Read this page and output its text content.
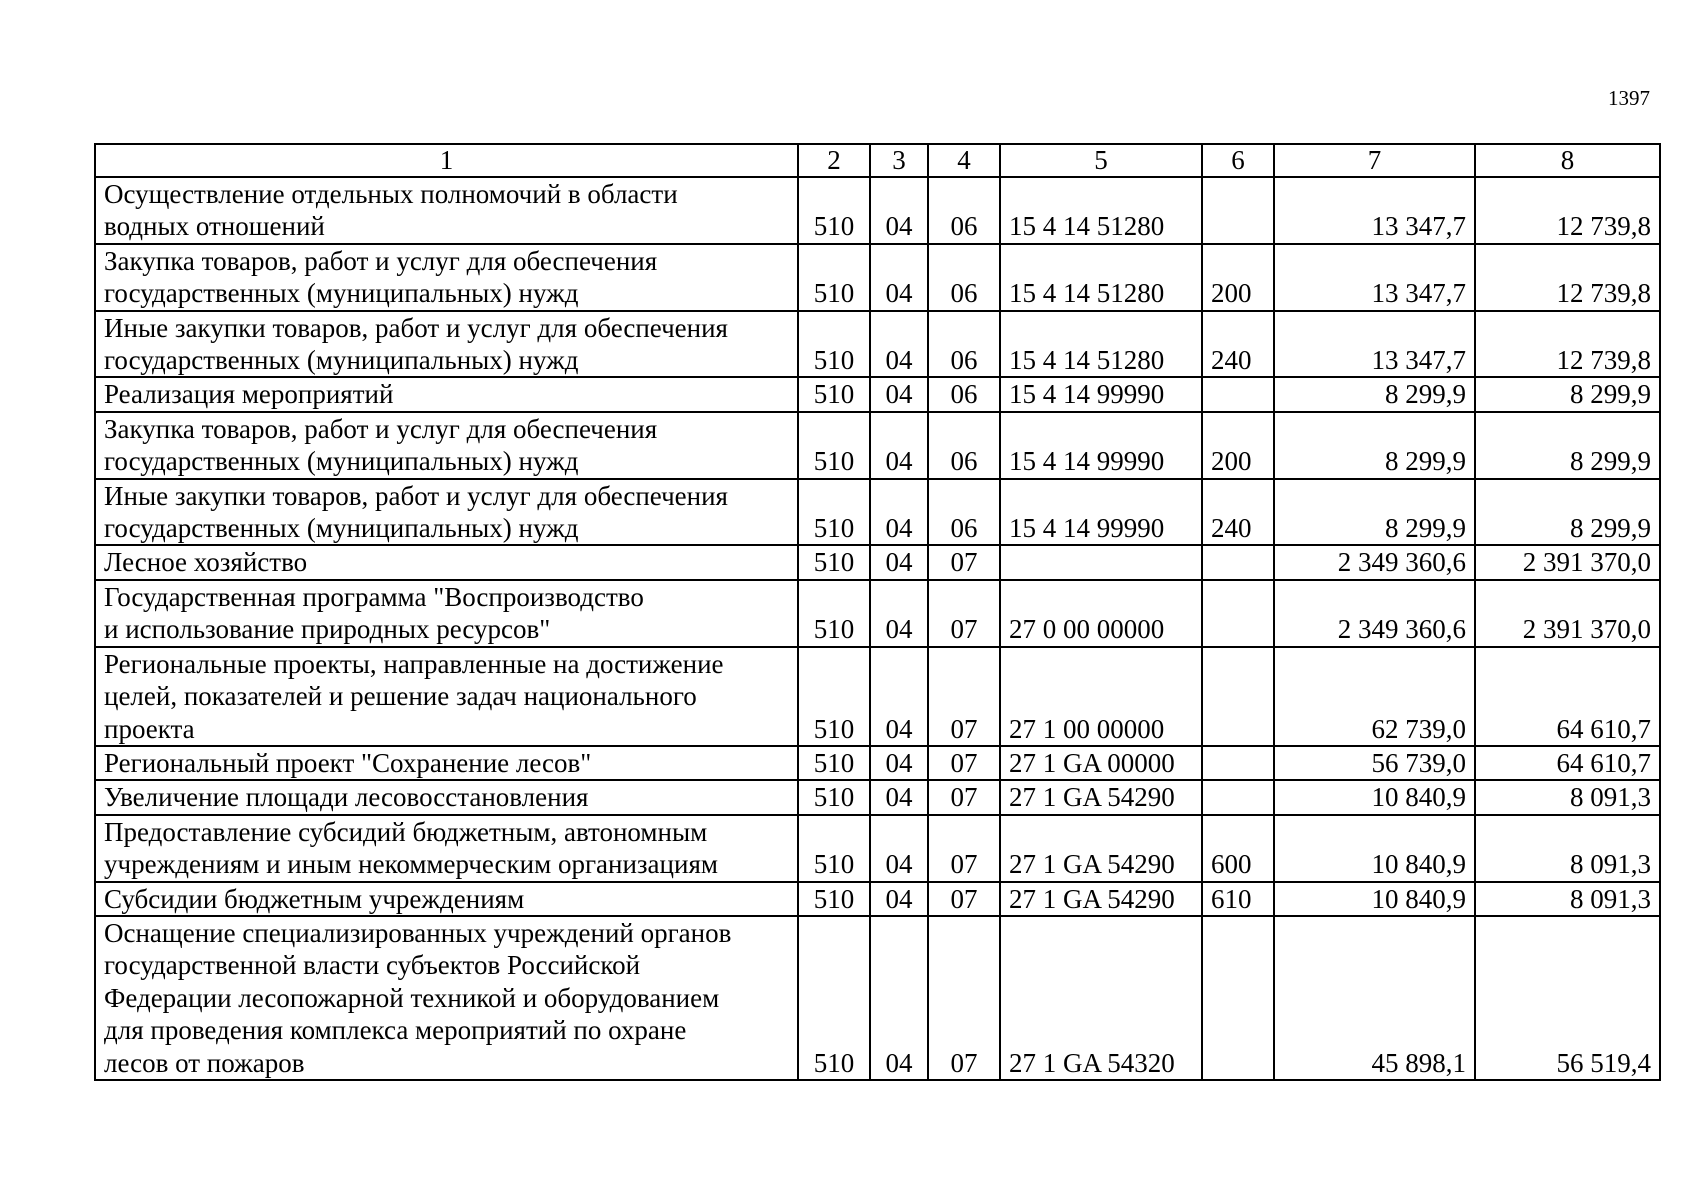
1397
1	2	3	4	5	6	7	8

Осуществление отдельных полномочий в области
водных отношений	510	04	06	15 4 14 51280		13 347,7	12 739,8

Закупка товаров, работ и услуг для обеспечения
государственных (муниципальных) нужд	510	04	06	15 4 14 51280	200	13 347,7	12 739,8

Иные закупки товаров, работ и услуг для обеспечения
государственных (муниципальных) нужд	510	04	06	15 4 14 51280	240	13 347,7	12 739,8

Реализация мероприятий	510	04	06	15 4 14 99990		8 299,9	8 299,9

Закупка товаров, работ и услуг для обеспечения
государственных (муниципальных) нужд	510	04	06	15 4 14 99990	200	8 299,9	8 299,9

Иные закупки товаров, работ и услуг для обеспечения
государственных (муниципальных) нужд	510	04	06	15 4 14 99990	240	8 299,9	8 299,9

Лесное хозяйство	510	04	07			2 349 360,6	2 391 370,0

Государственная программа "Воспроизводство
и использование природных ресурсов"	510	04	07	27 0 00 00000		2 349 360,6	2 391 370,0

Региональные проекты, направленные на достижение
целей, показателей и решение задач национального
проекта	510	04	07	27 1 00 00000		62 739,0	64 610,7

Региональный проект "Сохранение лесов"	510	04	07	27 1 GA 00000		56 739,0	64 610,7

Увеличение площади лесовосстановления	510	04	07	27 1 GA 54290		10 840,9	8 091,3

Предоставление субсидий бюджетным, автономным
учреждениям и иным некоммерческим организациям	510	04	07	27 1 GA 54290	600	10 840,9	8 091,3

Субсидии бюджетным учреждениям	510	04	07	27 1 GA 54290	610	10 840,9	8 091,3

Оснащение специализированных учреждений органов
государственной власти субъектов Российской
Федерации лесопожарной техникой и оборудованием
для проведения комплекса мероприятий по охране
лесов от пожаров	510	04	07	27 1 GA 54320		45 898,1	56 519,4
